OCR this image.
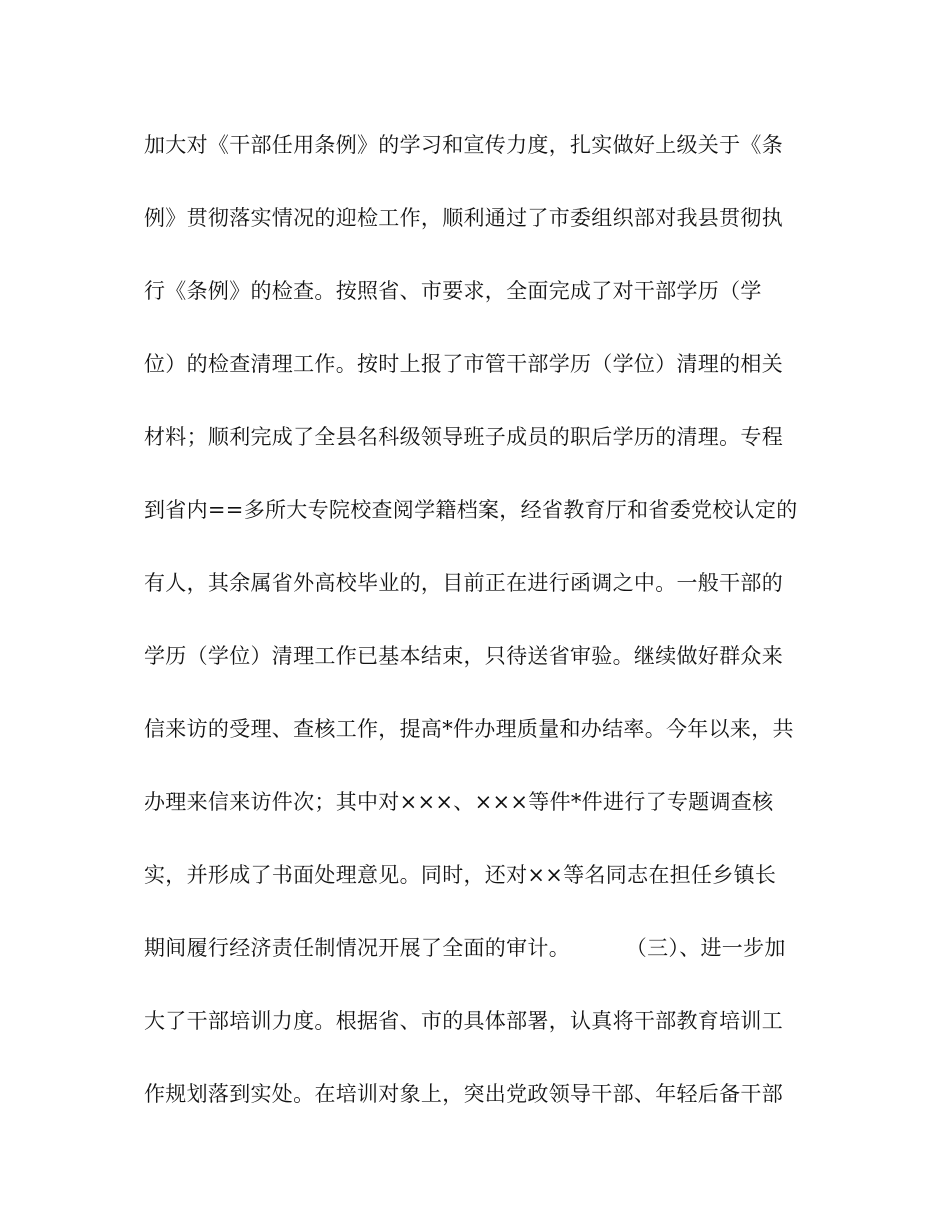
加大对《干部任用条例》的学习和宣传力度，扎实做好上级关于《条
例》贯彻落实情况的迎检工作，顺利通过了市委组织部对我县贯彻执
行《条例》的检查。按照省、市要求，全面完成了对干部学历（学
位）的检查清理工作。按时上报了市管干部学历（学位）清理的相关
材料；顺利完成了全县名科级领导班子成员的职后学历的清理。专程
到省内==多所大专院校查阅学籍档案，经省教育厅和省委党校认定的
有人，其余属省外高校毕业的，目前正在进行函调之中。一般干部的
学历（学位）清理工作已基本结束，只待送省审验。继续做好群众来
信来访的受理、查核工作，提高*件办理质量和办结率。今年以来，共
办理来信来访件次；其中对×××、×××等件*件进行了专题调查核
实，并形成了书面处理意见。同时，还对××等名同志在担任乡镇长
期间履行经济责任制情况开展了全面的审计。        （三）、进一步加
大了干部培训力度。根据省、市的具体部署，认真将干部教育培训工
作规划落到实处。在培训对象上，突出党政领导干部、年轻后备干部
